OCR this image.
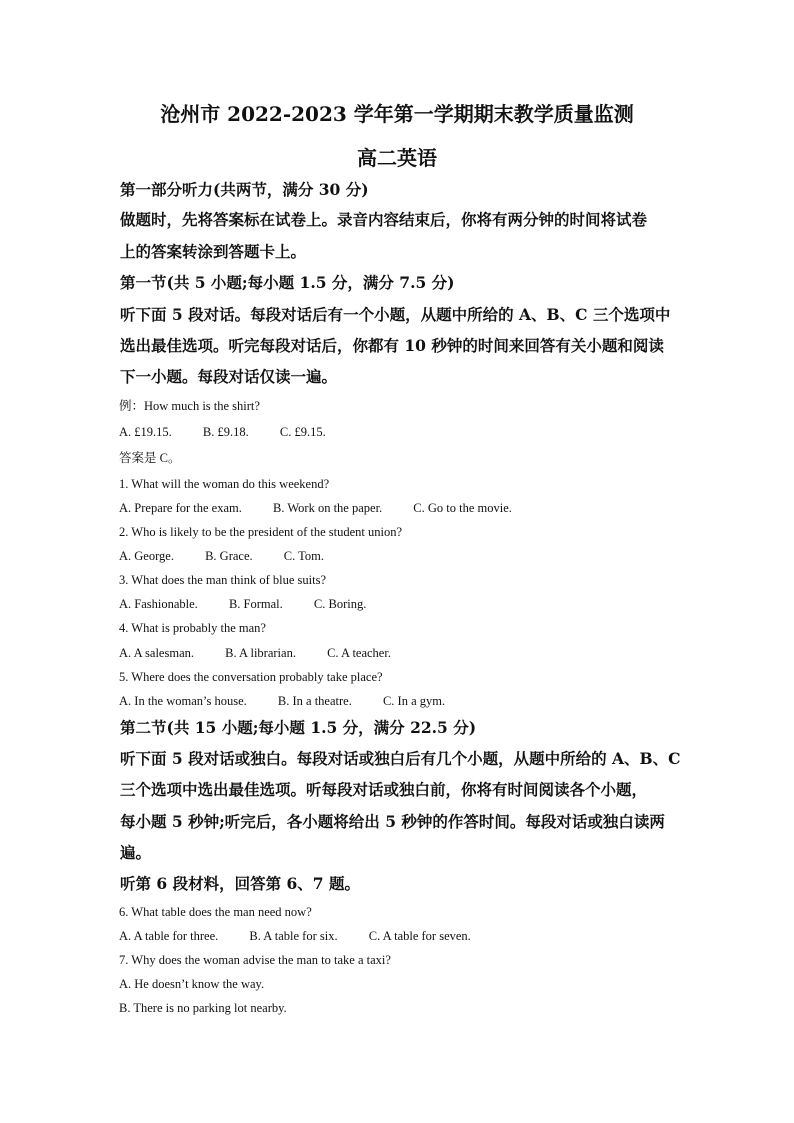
沧州市 2022-2023 学年第一学期期末教学质量监测
高二英语

第一部分听力(共两节，满分 30 分)

做题时，先将答案标在试卷上。录音内容结束后，你将有两分钟的时间将试卷

上的答案转涂到答题卡上。

第一节(共 5 小题;每小题 1.5 分，满分 7.5 分)

听下面 5 段对话。每段对话后有一个小题，从题中所给的 A、B、C 三个选项中

选出最佳选项。听完每段对话后，你都有 10 秒钟的时间来回答有关小题和阅读

下一小题。每段对话仅读一遍。

例：How much is the shirt?

A. £19.15. B. £9.18. C. £9.15.

答案是 C。

1. What will the woman do this weekend?

A. Prepare for the exam. B. Work on the paper. C. Go to the movie.

2. Who is likely to be the president of the student union?

A. George. B. Grace. C. Tom.

3. What does the man think of blue suits?

A. Fashionable. B. Formal. C. Boring.

4. What is probably the man?

A. A salesman. B. A librarian. C. A teacher.

5. Where does the conversation probably take place?

A. In the woman’s house. B. In a theatre. C. In a gym.

第二节(共 15 小题;每小题 1.5 分，满分 22.5 分)

听下面 5 段对话或独白。每段对话或独白后有几个小题，从题中所给的 A、B、C

三个选项中选出最佳选项。听每段对话或独白前，你将有时间阅读各个小题，

每小题 5 秒钟;听完后，各小题将给出 5 秒钟的作答时间。每段对话或独白读两

遍。

听第 6 段材料，回答第 6、7 题。

6. What table does the man need now?

A. A table for three. B. A table for six. C. A table for seven.

7. Why does the woman advise the man to take a taxi?

A. He doesn’t know the way.

B. There is no parking lot nearby.
